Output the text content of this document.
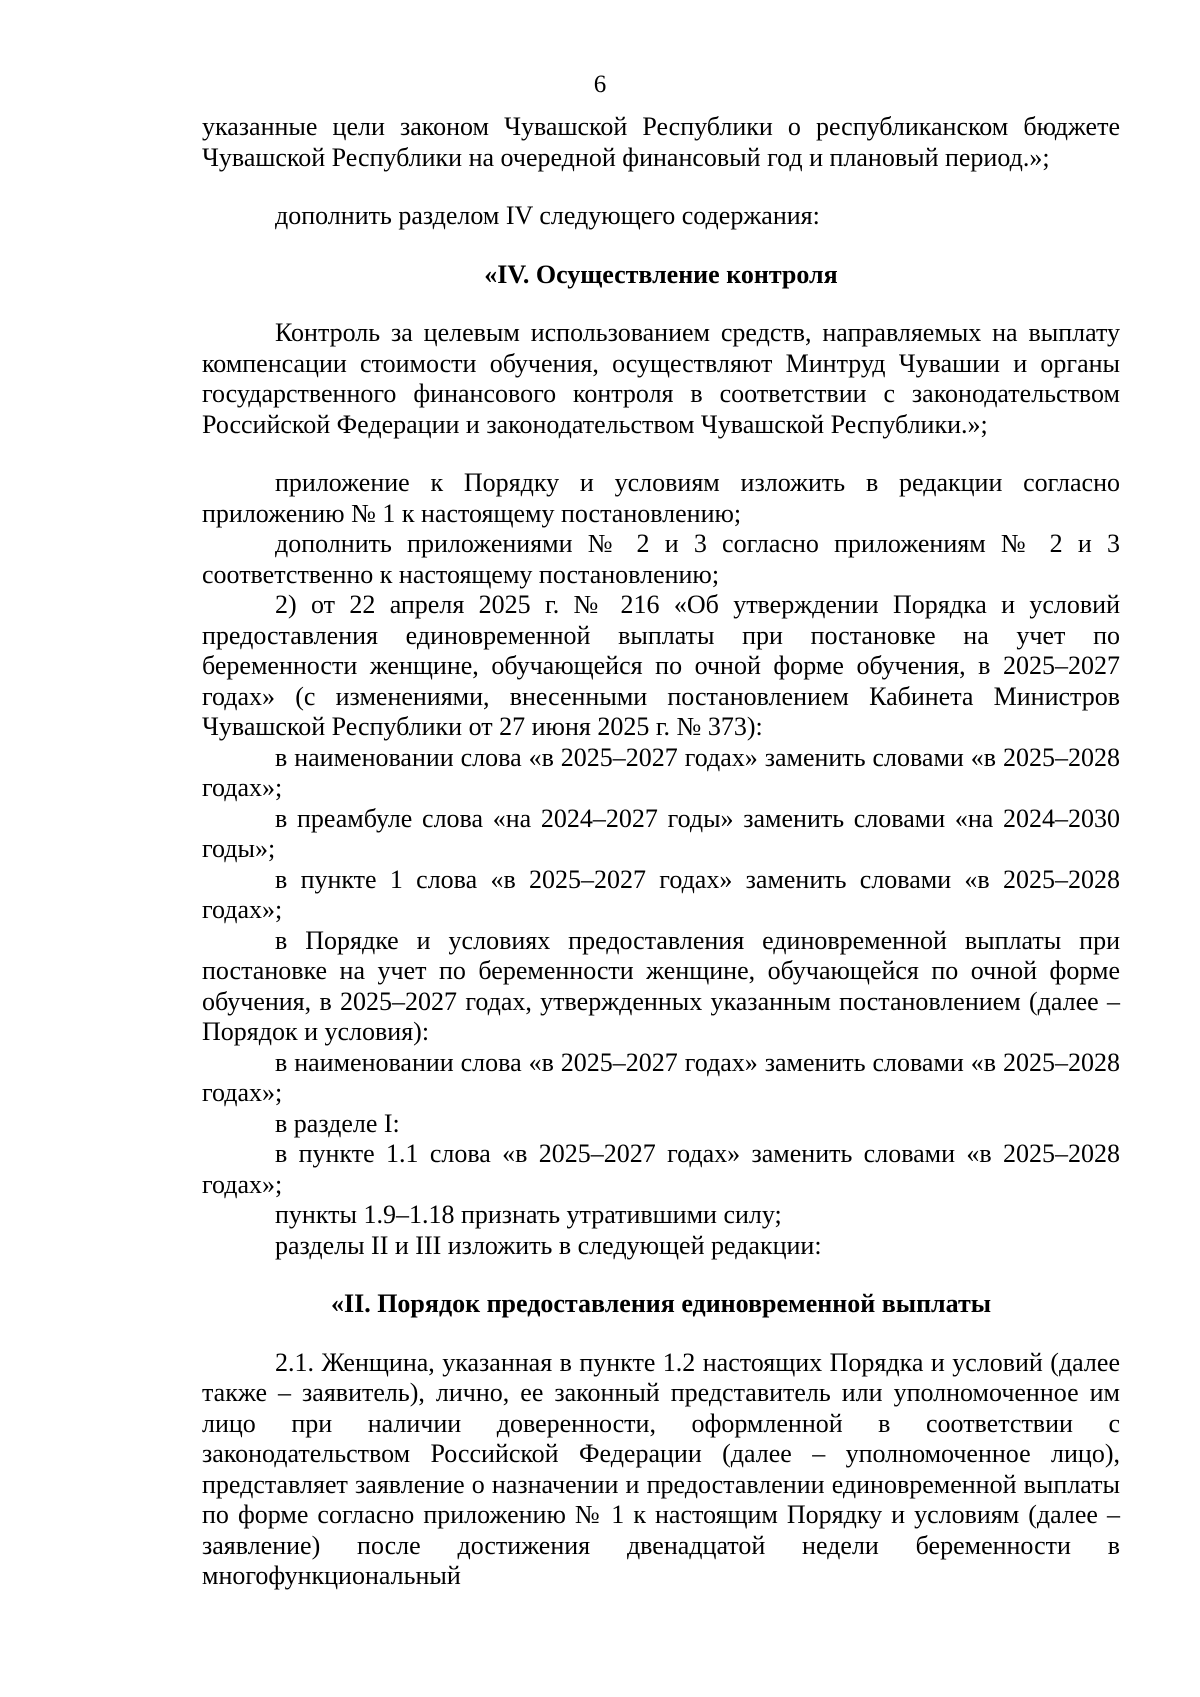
6

указанные цели законом Чувашской Республики о республиканском бюджете Чувашской Республики на очередной финансовый год и плановый период.»;

дополнить разделом IV следующего содержания:

«IV. Осуществление контроля

Контроль за целевым использованием средств, направляемых на выплату компенсации стоимости обучения, осуществляют Минтруд Чувашии и органы государственного финансового контроля в соответствии с законодательством Российской Федерации и законодательством Чувашской Республики.»;

приложение к Порядку и условиям изложить в редакции согласно приложению № 1 к настоящему постановлению;

дополнить приложениями № 2 и 3 согласно приложениям № 2 и 3 соответственно к настоящему постановлению;

2) от 22 апреля 2025 г. № 216 «Об утверждении Порядка и условий предоставления единовременной выплаты при постановке на учет по беременности женщине, обучающейся по очной форме обучения, в 2025–2027 годах» (с изменениями, внесенными постановлением Кабинета Министров Чувашской Республики от 27 июня 2025 г. № 373):

в наименовании слова «в 2025–2027 годах» заменить словами «в 2025–2028 годах»;

в преамбуле слова «на 2024–2027 годы» заменить словами «на 2024–2030 годы»;

в пункте 1 слова «в 2025–2027 годах» заменить словами «в 2025–2028 годах»;

в Порядке и условиях предоставления единовременной выплаты при постановке на учет по беременности женщине, обучающейся по очной форме обучения, в 2025–2027 годах, утвержденных указанным постановлением (далее – Порядок и условия):

в наименовании слова «в 2025–2027 годах» заменить словами «в 2025–2028 годах»;

в разделе I:

в пункте 1.1 слова «в 2025–2027 годах» заменить словами «в 2025–2028 годах»;

пункты 1.9–1.18 признать утратившими силу;

разделы II и III изложить в следующей редакции:

«II. Порядок предоставления единовременной выплаты

2.1. Женщина, указанная в пункте 1.2 настоящих Порядка и условий (далее также – заявитель), лично, ее законный представитель или уполномоченное им лицо при наличии доверенности, оформленной в соответствии с законодательством Российской Федерации (далее – уполномоченное лицо), представляет заявление о назначении и предоставлении единовременной выплаты по форме согласно приложению № 1 к настоящим Порядку и условиям (далее – заявление) после достижения двенадцатой недели беременности в многофункциональный
